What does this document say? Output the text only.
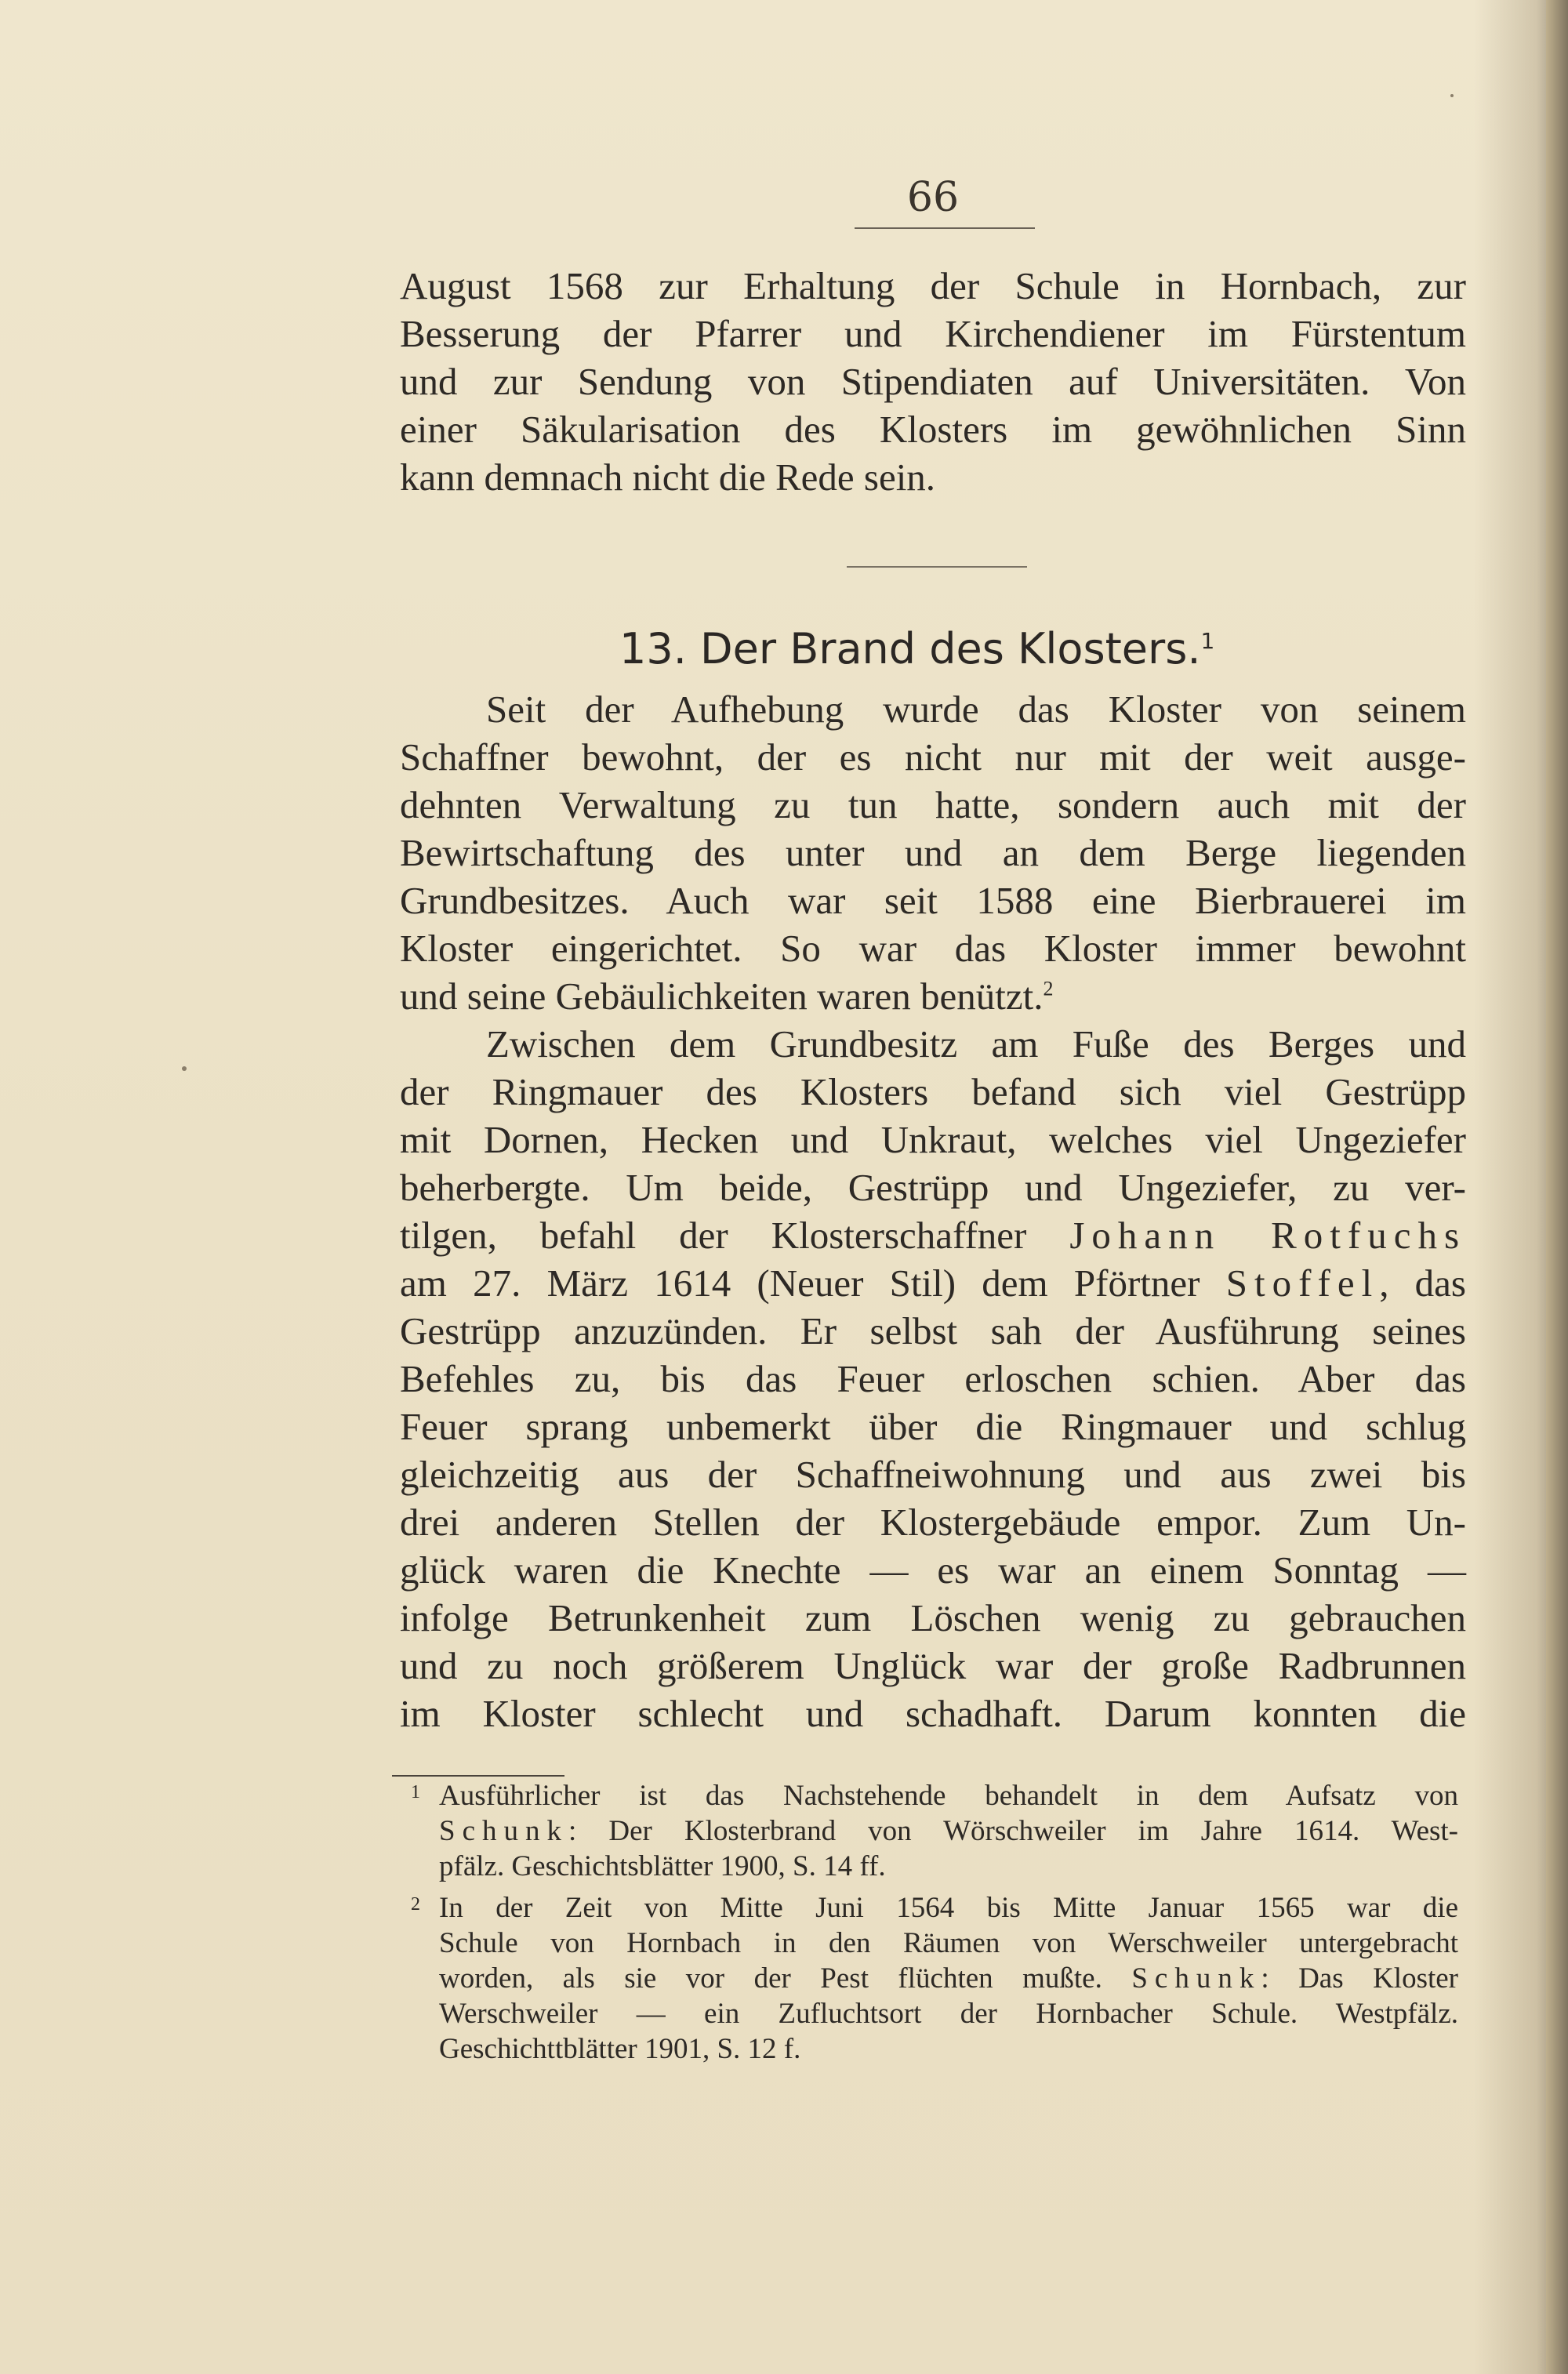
66
August 1568 zur Erhaltung der Schule in Hornbach, zur
Besserung der Pfarrer und Kirchendiener im Fürstentum
und zur Sendung von Stipendiaten auf Universitäten. Von
einer Säkularisation des Klosters im gewöhnlichen Sinn
kann demnach nicht die Rede sein.
13. Der Brand des Klosters.$^1$
Seit der Aufhebung wurde das Kloster von seinem
Schaffner bewohnt, der es nicht nur mit der weit ausge-
dehnten Verwaltung zu tun hatte, sondern auch mit der
Bewirtschaftung des unter und an dem Berge liegenden
Grundbesitzes. Auch war seit 1588 eine Bierbrauerei im
Kloster eingerichtet. So war das Kloster immer bewohnt
und seine Gebäulichkeiten waren benützt.$^2$
Zwischen dem Grundbesitz am Fuße des Berges und
der Ringmauer des Klosters befand sich viel Gestrüpp
mit Dornen, Hecken und Unkraut, welches viel Ungeziefer
beherbergte. Um beide, Gestrüpp und Ungeziefer, zu ver-
tilgen, befahl der Klosterschaffner Johann Rotfuchs
am 27. März 1614 (Neuer Stil) dem Pförtner Stoffel, das
Gestrüpp anzuzünden. Er selbst sah der Ausführung seines
Befehles zu, bis das Feuer erloschen schien. Aber das
Feuer sprang unbemerkt über die Ringmauer und schlug
gleichzeitig aus der Schaffneiwohnung und aus zwei bis
drei anderen Stellen der Klostergebäude empor. Zum Un-
glück waren die Knechte — es war an einem Sonntag —
infolge Betrunkenheit zum Löschen wenig zu gebrauchen
und zu noch größerem Unglück war der große Radbrunnen
im Kloster schlecht und schadhaft. Darum konnten die
1 Ausführlicher ist das Nachstehende behandelt in dem Aufsatz von
Schunk: Der Klosterbrand von Wörschweiler im Jahre 1614. West-
pfälz. Geschichtsblätter 1900, S. 14 ff.
2 In der Zeit von Mitte Juni 1564 bis Mitte Januar 1565 war die
Schule von Hornbach in den Räumen von Werschweiler untergebracht
worden, als sie vor der Pest flüchten mußte. Schunk: Das Kloster
Werschweiler — ein Zufluchtsort der Hornbacher Schule. Westpfälz.
Geschichttblätter 1901, S. 12 f.
